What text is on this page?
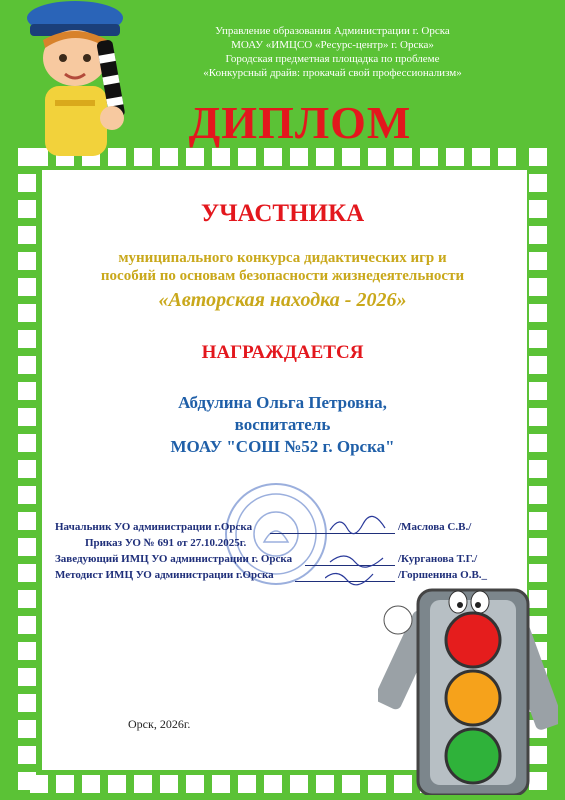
Управление образования Администрации г. Орска
МОАУ «ИМЦСО «Ресурс-центр» г. Орска»
Городская предметная площадка по проблеме
«Конкурсный драйв: прокачай свой профессионализм»
ДИПЛОМ
УЧАСТНИКА
муниципального конкурса дидактических игр и
пособий по основам безопасности жизнедеятельности
«Авторская находка - 2026»
НАГРАЖДАЕТСЯ
Абдулина Ольга Петровна,
воспитатель
МОАУ "СОШ №52 г. Орска"
Начальник УО администрации г.Орска	/Маслова С.В./
Приказ УО № 691 от 27.10.2025г.
Заведующий ИМЦ УО администрации г. Орска	/Курганова Т.Г./
Методист ИМЦ УО администрации г.Орска	/Горшенина О.В._
Орск, 2026г.
